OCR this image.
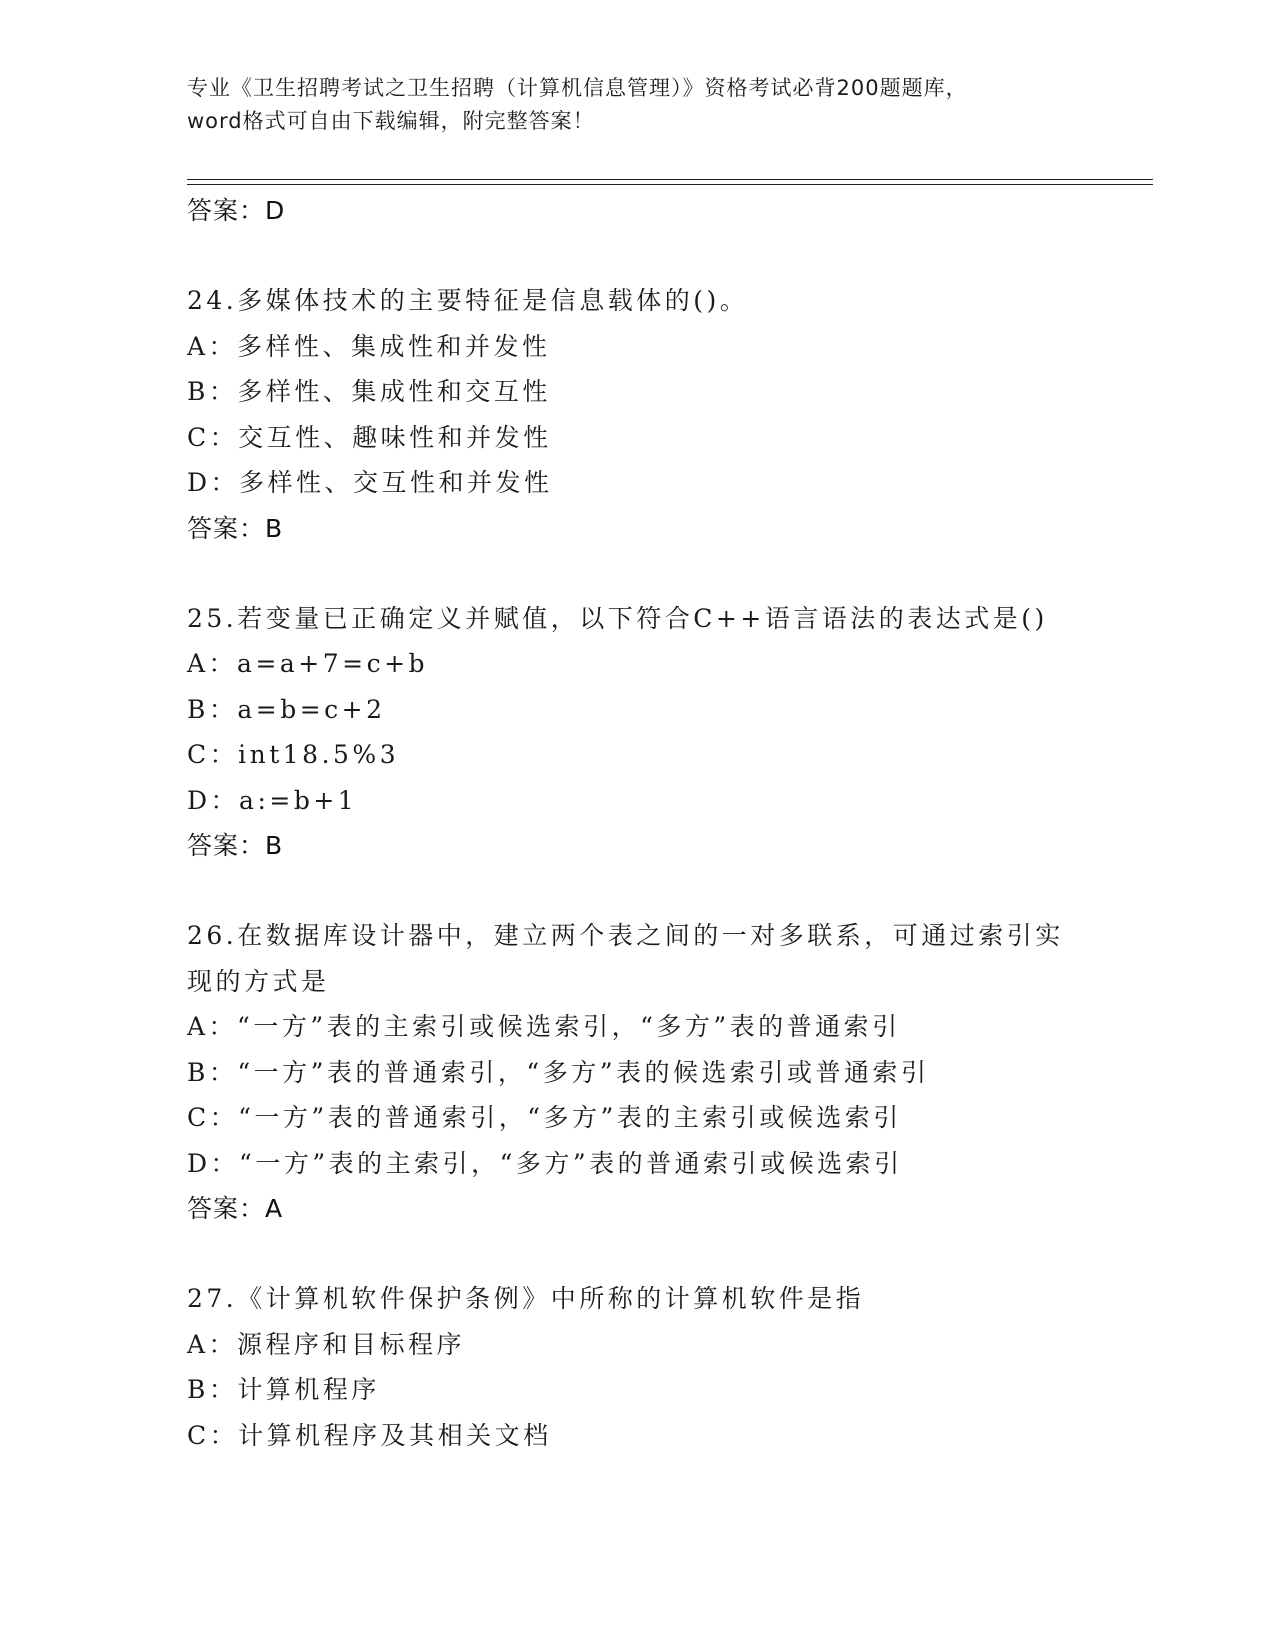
专业《卫生招聘考试之卫生招聘（计算机信息管理）》资格考试必背200题题库，
word格式可自由下载编辑，附完整答案！
答案：D
24.多媒体技术的主要特征是信息载体的()。
A：多样性、集成性和并发性
B：多样性、集成性和交互性
C：交互性、趣味性和并发性
D：多样性、交互性和并发性
答案：B
25.若变量已正确定义并赋值，以下符合C++语言语法的表达式是()
A：a=a+7=c+b
B：a=b=c+2
C：int18.5%3
D：a:=b+1
答案：B
26.在数据库设计器中，建立两个表之间的一对多联系，可通过索引实现的方式是
A：“一方”表的主索引或候选索引，“多方”表的普通索引
B：“一方”表的普通索引，“多方”表的候选索引或普通索引
C：“一方”表的普通索引，“多方”表的主索引或候选索引
D：“一方”表的主索引，“多方”表的普通索引或候选索引
答案：A
27.《计算机软件保护条例》中所称的计算机软件是指
A：源程序和目标程序
B：计算机程序
C：计算机程序及其相关文档
